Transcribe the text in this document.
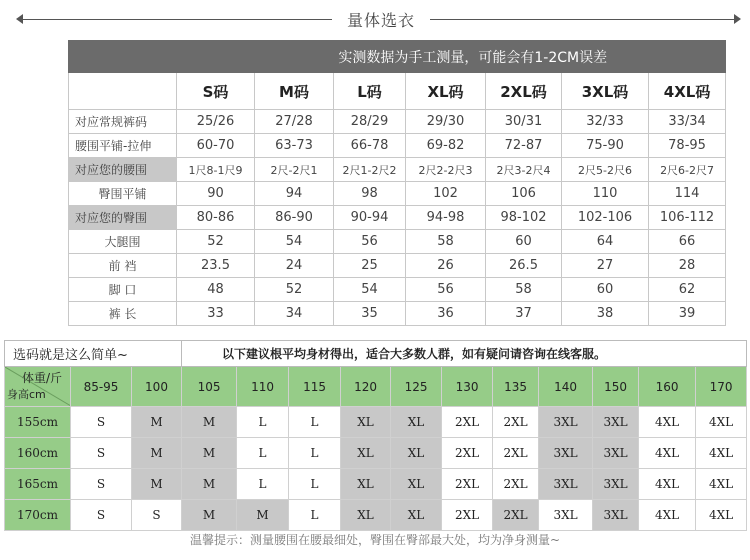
量体选衣
实测数据为手工测量，可能会有1-2CM误差							
	S码	M码	L码	XL码	2XL码	3XL码	4XL码
对应常规裤码	25/26	27/28	28/29	29/30	30/31	32/33	33/34
腰围平铺-拉伸	60-70	63-73	66-78	69-82	72-87	75-90	78-95
对应您的腰围	1尺8-1尺9	2尺-2尺1	2尺1-2尺2	2尺2-2尺3	2尺3-2尺4	2尺5-2尺6	2尺6-2尺7
臀围平铺	90	94	98	102	106	110	114
对应您的臀围	80-86	86-90	90-94	94-98	98-102	102-106	106-112
大腿围	52	54	56	58	60	64	66
前 裆	23.5	24	25	26	26.5	27	28
脚 口	48	52	54	56	58	60	62
裤 长	33	34	35	36	37	38	39
选码就是这么简单~			以下建议根平均身材得出，适合大多数人群，如有疑问请咨询在线客服。										

体重/斤
身高cm	85-95	100	105	110	115	120	125	130	135	140	150	160	170
155cm	S	M	M	L	L	XL	XL	2XL	2XL	3XL	3XL	4XL	4XL
160cm	S	M	M	L	L	XL	XL	2XL	2XL	3XL	3XL	4XL	4XL
165cm	S	M	M	L	L	XL	XL	2XL	2XL	3XL	3XL	4XL	4XL
170cm	S	S	M	M	L	XL	XL	2XL	2XL	3XL	3XL	4XL	4XL
温馨提示：测量腰围在腰最细处，臀围在臀部最大处，均为净身测量~
